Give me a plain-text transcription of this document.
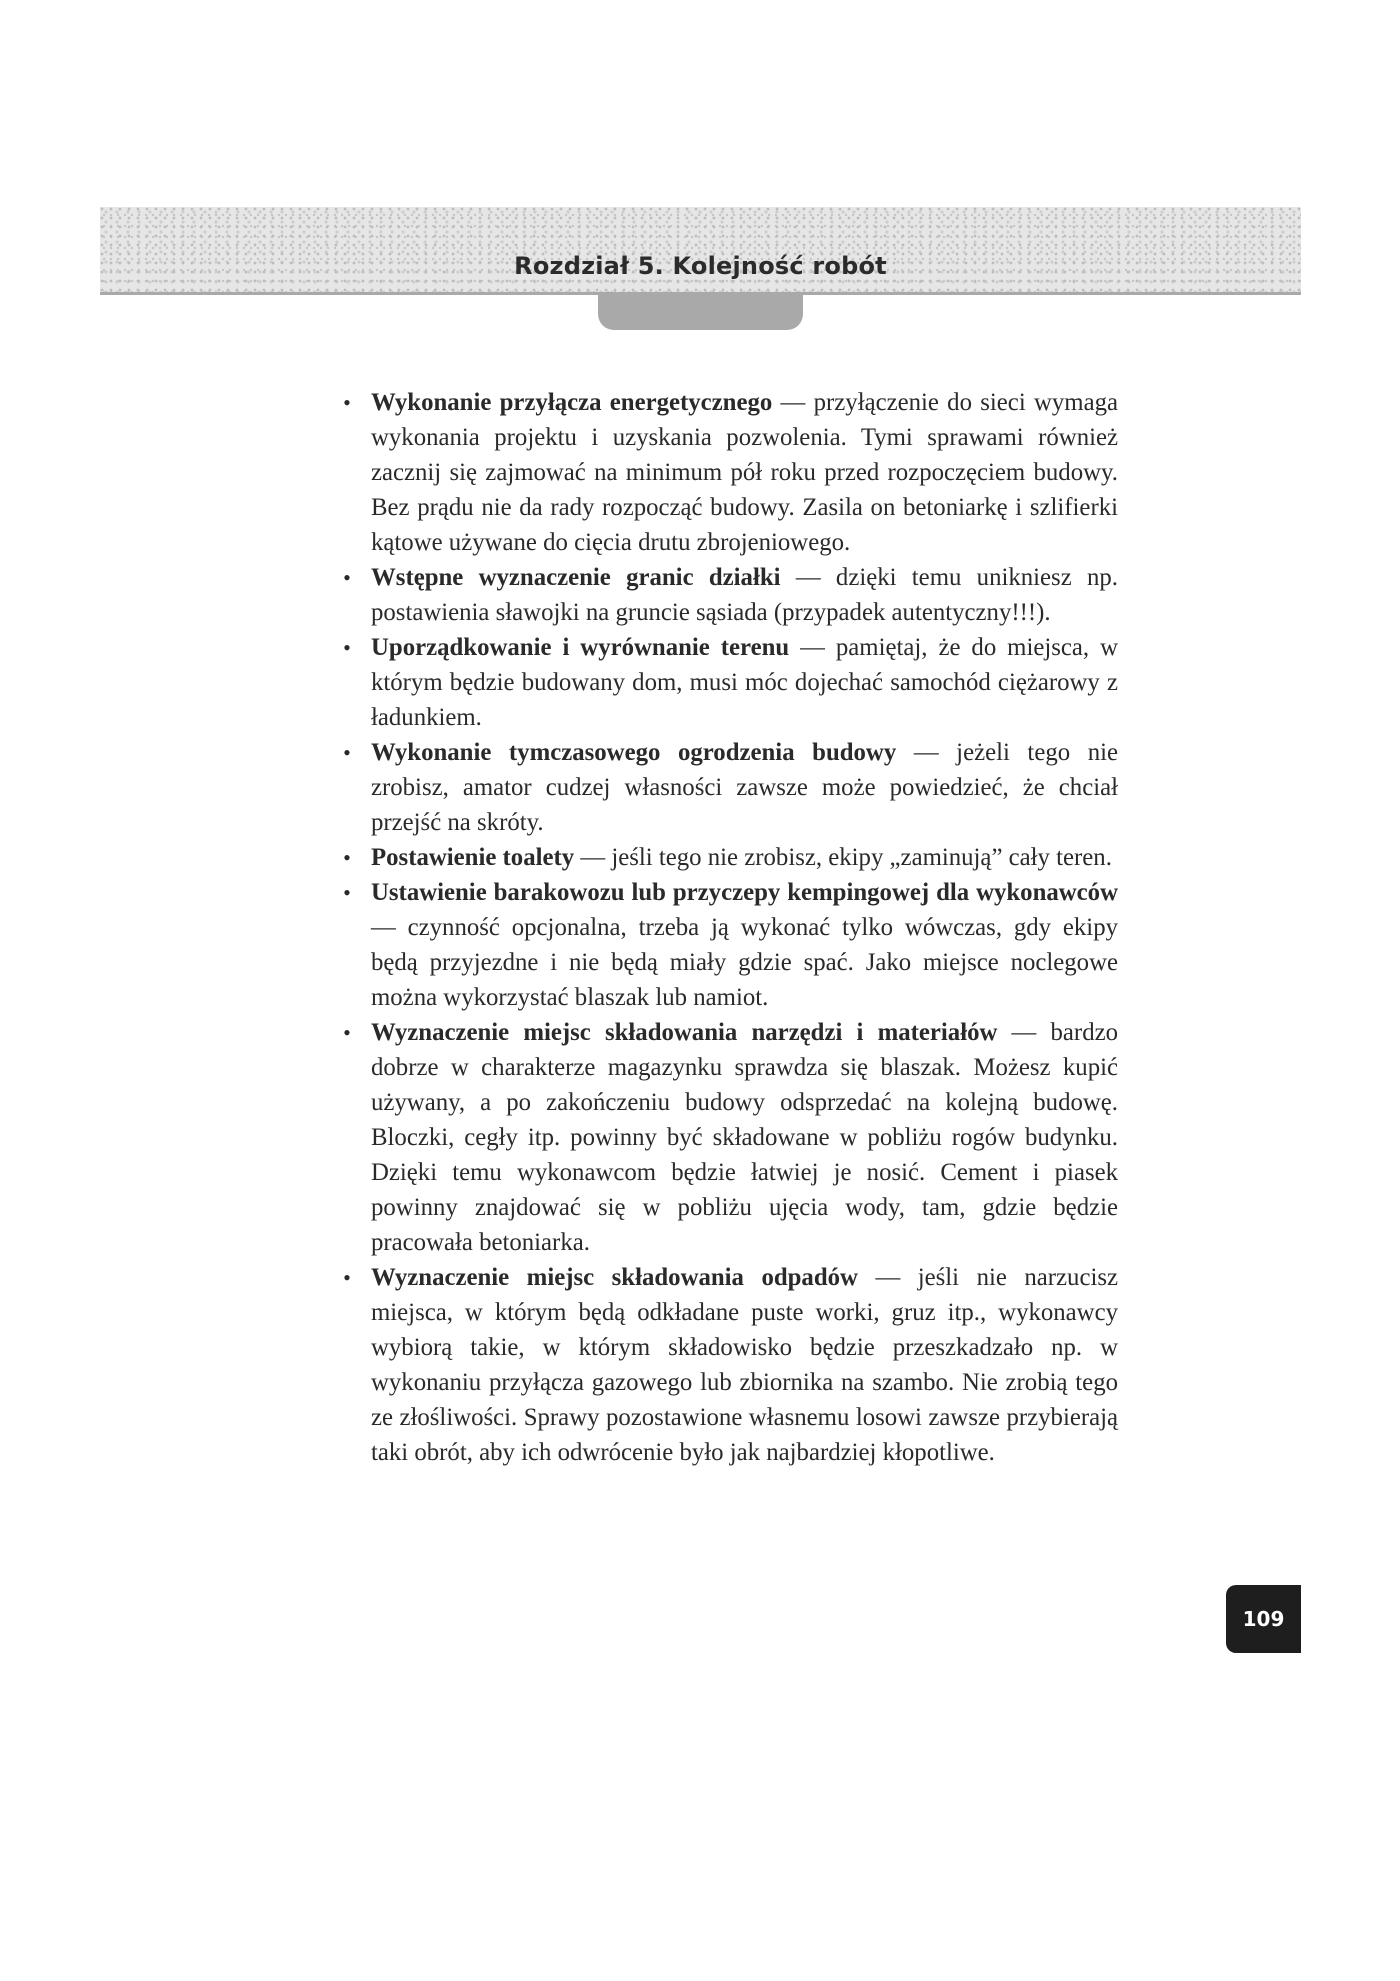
Rozdział 5. Kolejność robót
• Wykonanie przyłącza energetycznego — przyłączenie do sieci wymaga wykonania projektu i uzyskania pozwolenia. Tymi sprawami również zacznij się zajmować na minimum pół roku przed rozpoczęciem budowy. Bez prądu nie da rady rozpocząć budowy. Zasila on betoniarkę i szlifierki kątowe używane do cięcia drutu zbrojeniowego.
• Wstępne wyznaczenie granic działki — dzięki temu unikniesz np. postawienia sławojki na gruncie sąsiada (przypadek autentyczny!!!).
• Uporządkowanie i wyrównanie terenu — pamiętaj, że do miejsca, w którym będzie budowany dom, musi móc dojechać samochód ciężarowy z ładunkiem.
• Wykonanie tymczasowego ogrodzenia budowy — jeżeli tego nie zrobisz, amator cudzej własności zawsze może powiedzieć, że chciał przejść na skróty.
• Postawienie toalety — jeśli tego nie zrobisz, ekipy „zaminują” cały teren.
• Ustawienie barakowozu lub przyczepy kempingowej dla wykonawców — czynność opcjonalna, trzeba ją wykonać tylko wówczas, gdy ekipy będą przyjezdne i nie będą miały gdzie spać. Jako miejsce noclegowe można wykorzystać blaszak lub namiot.
• Wyznaczenie miejsc składowania narzędzi i materiałów — bardzo dobrze w charakterze magazynku sprawdza się blaszak. Możesz kupić używany, a po zakończeniu budowy odsprzedać na kolejną budowę. Bloczki, cegły itp. powinny być składowane w pobliżu rogów budynku. Dzięki temu wykonawcom będzie łatwiej je nosić. Cement i piasek powinny znajdować się w pobliżu ujęcia wody, tam, gdzie będzie pracowała betoniarka.
• Wyznaczenie miejsc składowania odpadów — jeśli nie narzucisz miejsca, w którym będą odkładane puste worki, gruz itp., wykonawcy wybiorą takie, w którym składowisko będzie przeszkadzało np. w wykonaniu przyłącza gazowego lub zbiornika na szambo. Nie zrobią tego ze złośliwości. Sprawy pozostawione własnemu losowi zawsze przybierają taki obrót, aby ich odwrócenie było jak najbardziej kłopotliwe.
109
